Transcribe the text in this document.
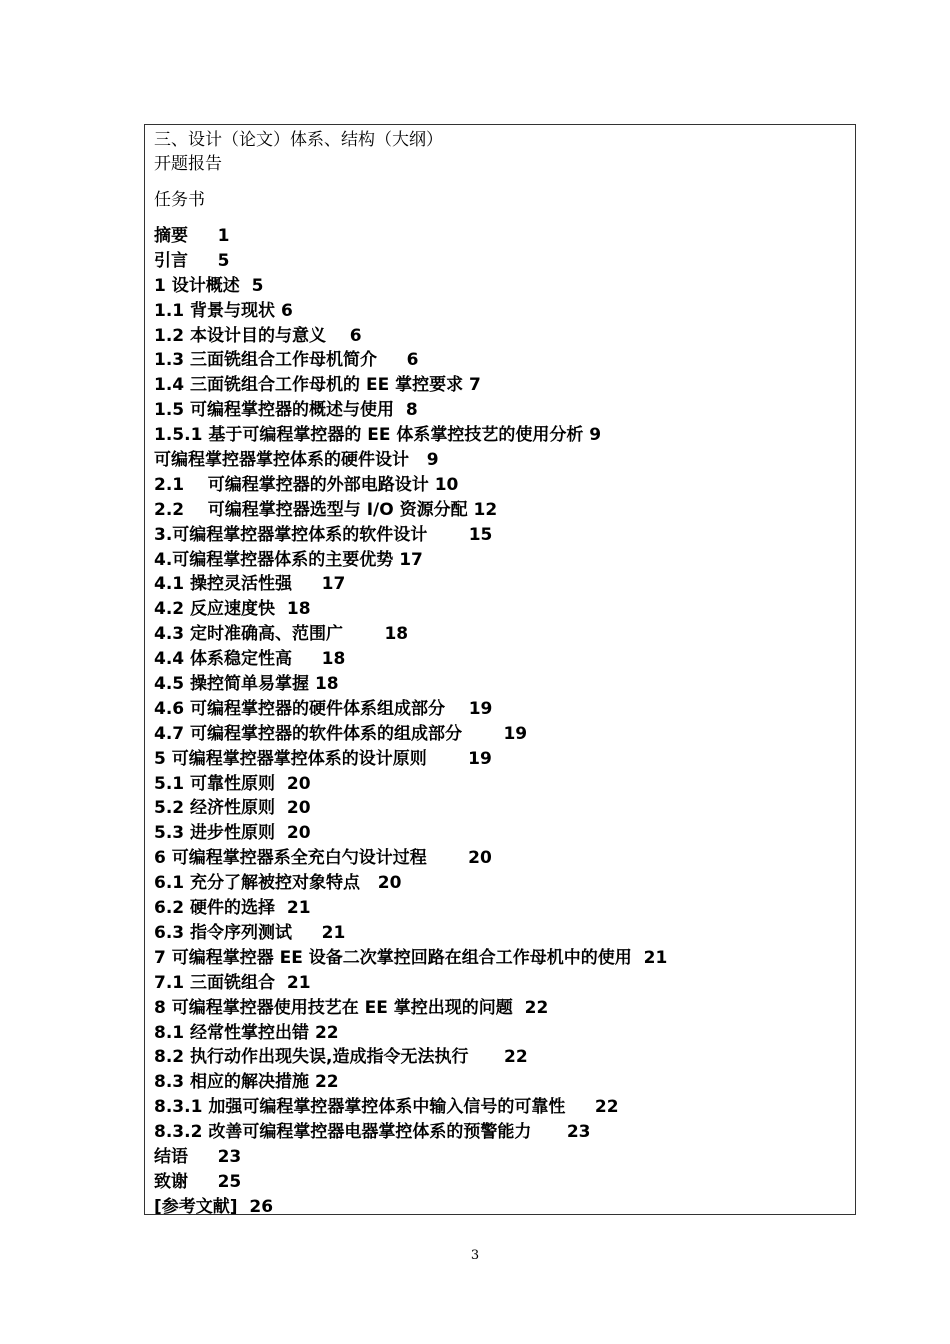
三、设计（论文）体系、结构（大纲）
开题报告
任务书
摘要     1
引言     5
1 设计概述  5
1.1 背景与现状 6
1.2 本设计目的与意义    6
1.3 三面铣组合工作母机简介     6
1.4 三面铣组合工作母机的 EE 掌控要求 7
1.5 可编程掌控器的概述与使用  8
1.5.1 基于可编程掌控器的 EE 体系掌控技艺的使用分析 9
可编程掌控器掌控体系的硬件设计   9
2.1    可编程掌控器的外部电路设计 10
2.2    可编程掌控器选型与 I/O 资源分配 12
3.可编程掌控器掌控体系的软件设计       15
4.可编程掌控器体系的主要优势 17
4.1 操控灵活性强     17
4.2 反应速度快  18
4.3 定时准确高、范围广       18
4.4 体系稳定性高     18
4.5 操控简单易掌握 18
4.6 可编程掌控器的硬件体系组成部分    19
4.7 可编程掌控器的软件体系的组成部分       19
5 可编程掌控器掌控体系的设计原则       19
5.1 可靠性原则  20
5.2 经济性原则  20
5.3 进步性原则  20
6 可编程掌控器系全充白勺设计过程       20
6.1 充分了解被控对象特点   20
6.2 硬件的选择  21
6.3 指令序列测试     21
7 可编程掌控器 EE 设备二次掌控回路在组合工作母机中的使用  21
7.1 三面铣组合  21
8 可编程掌控器使用技艺在 EE 掌控出现的问题  22
8.1 经常性掌控出错 22
8.2 执行动作出现失误,造成指令无法执行      22
8.3 相应的解决措施 22
8.3.1 加强可编程掌控器掌控体系中输入信号的可靠性     22
8.3.2 改善可编程掌控器电器掌控体系的预警能力      23
结语     23
致谢     25
[参考文献]  26
3
